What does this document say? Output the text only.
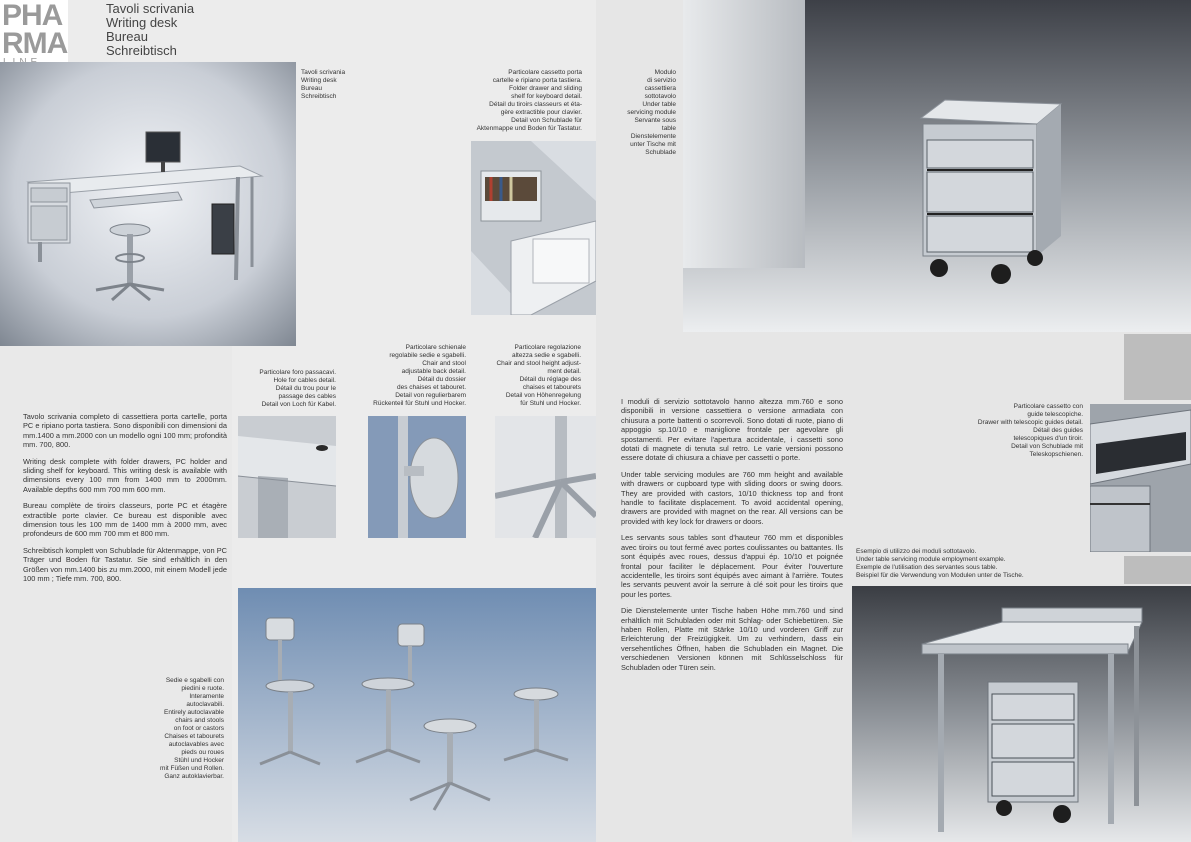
PHA
RMA
Tavoli scrivania
Writing desk
Bureau
Schreibtisch
Tavoli scrivania
Writing desk
Bureau
Schreibtisch
Particolare cassetto porta
cartelle e ripiano porta tastiera.
Folder drawer and sliding
shelf for keyboard detail.
Détail du tiroirs classeurs et éta-
gère extractible pour clavier.
Detail von Schublade für
Aktenmappe und Boden für Tastatur.

Tavolo scrivania completo di cassettiera porta cartelle, porta PC e ripiano porta tastiera. Sono disponibili con dimensioni da mm.1400 a mm.2000 con un modello ogni 100 mm; profondità mm. 700, 800.

Writing desk complete with folder drawers, PC holder and sliding shelf for keyboard. This writing desk is available with dimensions every 100 mm from 1400 mm to 2000mm. Available depths 600 mm 700 mm 600 mm.

Bureau complète de tiroirs classeurs, porte PC et étagère extractible porte clavier. Ce bureau est disponible avec dimension tous les 100 mm de 1400 mm à 2000 mm, avec profondeurs de 600 mm 700 mm et 800 mm.

Schreibtisch komplett von Schublade für Aktenmappe, von PC Träger und Boden für Tastatur. Sie sind erhältlich in den Größen von mm.1400 bis zu mm.2000, mit einem Modell jede 100 mm ; Tiefe mm. 700, 800.

Particolare foro passacavi.
Hole for cables detail.
Détail du trou pour le
passage des cables
Detail von Loch für Kabel.
Particolare schienale
regolabile sedie e sgabelli.
Chair and stool
adjustable back detail.
Détail du dossier
des chaises et tabouret.
Detail von regulierbarem
Rückenteil für Stuhl und Hocker.
Particolare regolazione
altezza sedie e sgabelli.
Chair and stool height adjust-
ment detail.
Détail du réglage des
chaises et tabourets
Detail von Höhenregelung
für Stuhl und Hocker.
Sedie e sgabelli con
piedini e ruote.
Interamente
autoclavabili.
Entirely autoclavable
chairs and stools
on foot or castors
Chaises et tabourets
autoclavables avec
pieds ou roues
Stühl und Hocker
mit Füßen und Rollen.
Ganz autoklavierbar.
Modulo
di servizio
cassettiera
sottotavolo
Under table
servicing module
Servante sous
table
Dienstelemente
unter Tische mit
Schublade

I moduli di servizio sottotavolo hanno altezza mm.760 e sono disponibili in versione cassettiera o versione armadiata con chiusura a porte battenti o scorrevoli. Sono dotati di ruote, piano di appoggio sp.10/10 e maniglione frontale per agevolare gli spostamenti. Per evitare l'apertura accidentale, i cassetti sono dotati di magnete di tenuta sul retro. Le varie versioni possono essere dotate di chiusura a chiave per cassetti o porte.

Under table servicing modules are 760 mm height and available with drawers or cupboard type with sliding doors or swing doors. They are provided with castors, 10/10 thickness top and front handle to facilitate displacement. To avoid accidental opening, drawers are provided with magnet on the rear. All versions can be provided with key lock for drawers or doors.

Les servants sous tables sont d'hauteur 760 mm et disponibles avec tiroirs ou tout fermé avec portes coulissantes ou battantes. Ils sont équipés avec roues, dessus d'appui ép. 10/10 et poignée frontal pour faciliter le déplacement. Pour éviter l'ouverture accidentelle, les tiroirs sont équipés avec aimant à l'arrière. Toutes les servants peuvent avoir la serrure à clé soit pour les tiroirs que pour les portes.

Die Dienstelemente unter Tische haben Höhe mm.760 und sind erhältlich mit Schubladen oder mit Schlag- oder Schiebetüren. Sie haben Rollen, Platte mit Stärke 10/10 und vorderen Griff zur Erleichterung der Freizügigkeit. Um zu verhindern, dass ein versehentliches Öffnen, haben die Schubladen ein Magnet. Die verschiedenen Versionen können mit Schlüsselschloss für Schubladen oder Türen sein.

Particolare cassetto con
guide telescopiche.
Drawer with telescopic guides detail.
Détail des guides
telescopiques d'un tiroir.
Detail von Schublade mit
Teleskopschienen.
Esempio di utilizzo dei moduli sottotavolo.
Under table servicing module employment example.
Exemple de l'utilisation des servantes sous table.
Beispiel für die Verwendung von Modulen unter de Tische.
